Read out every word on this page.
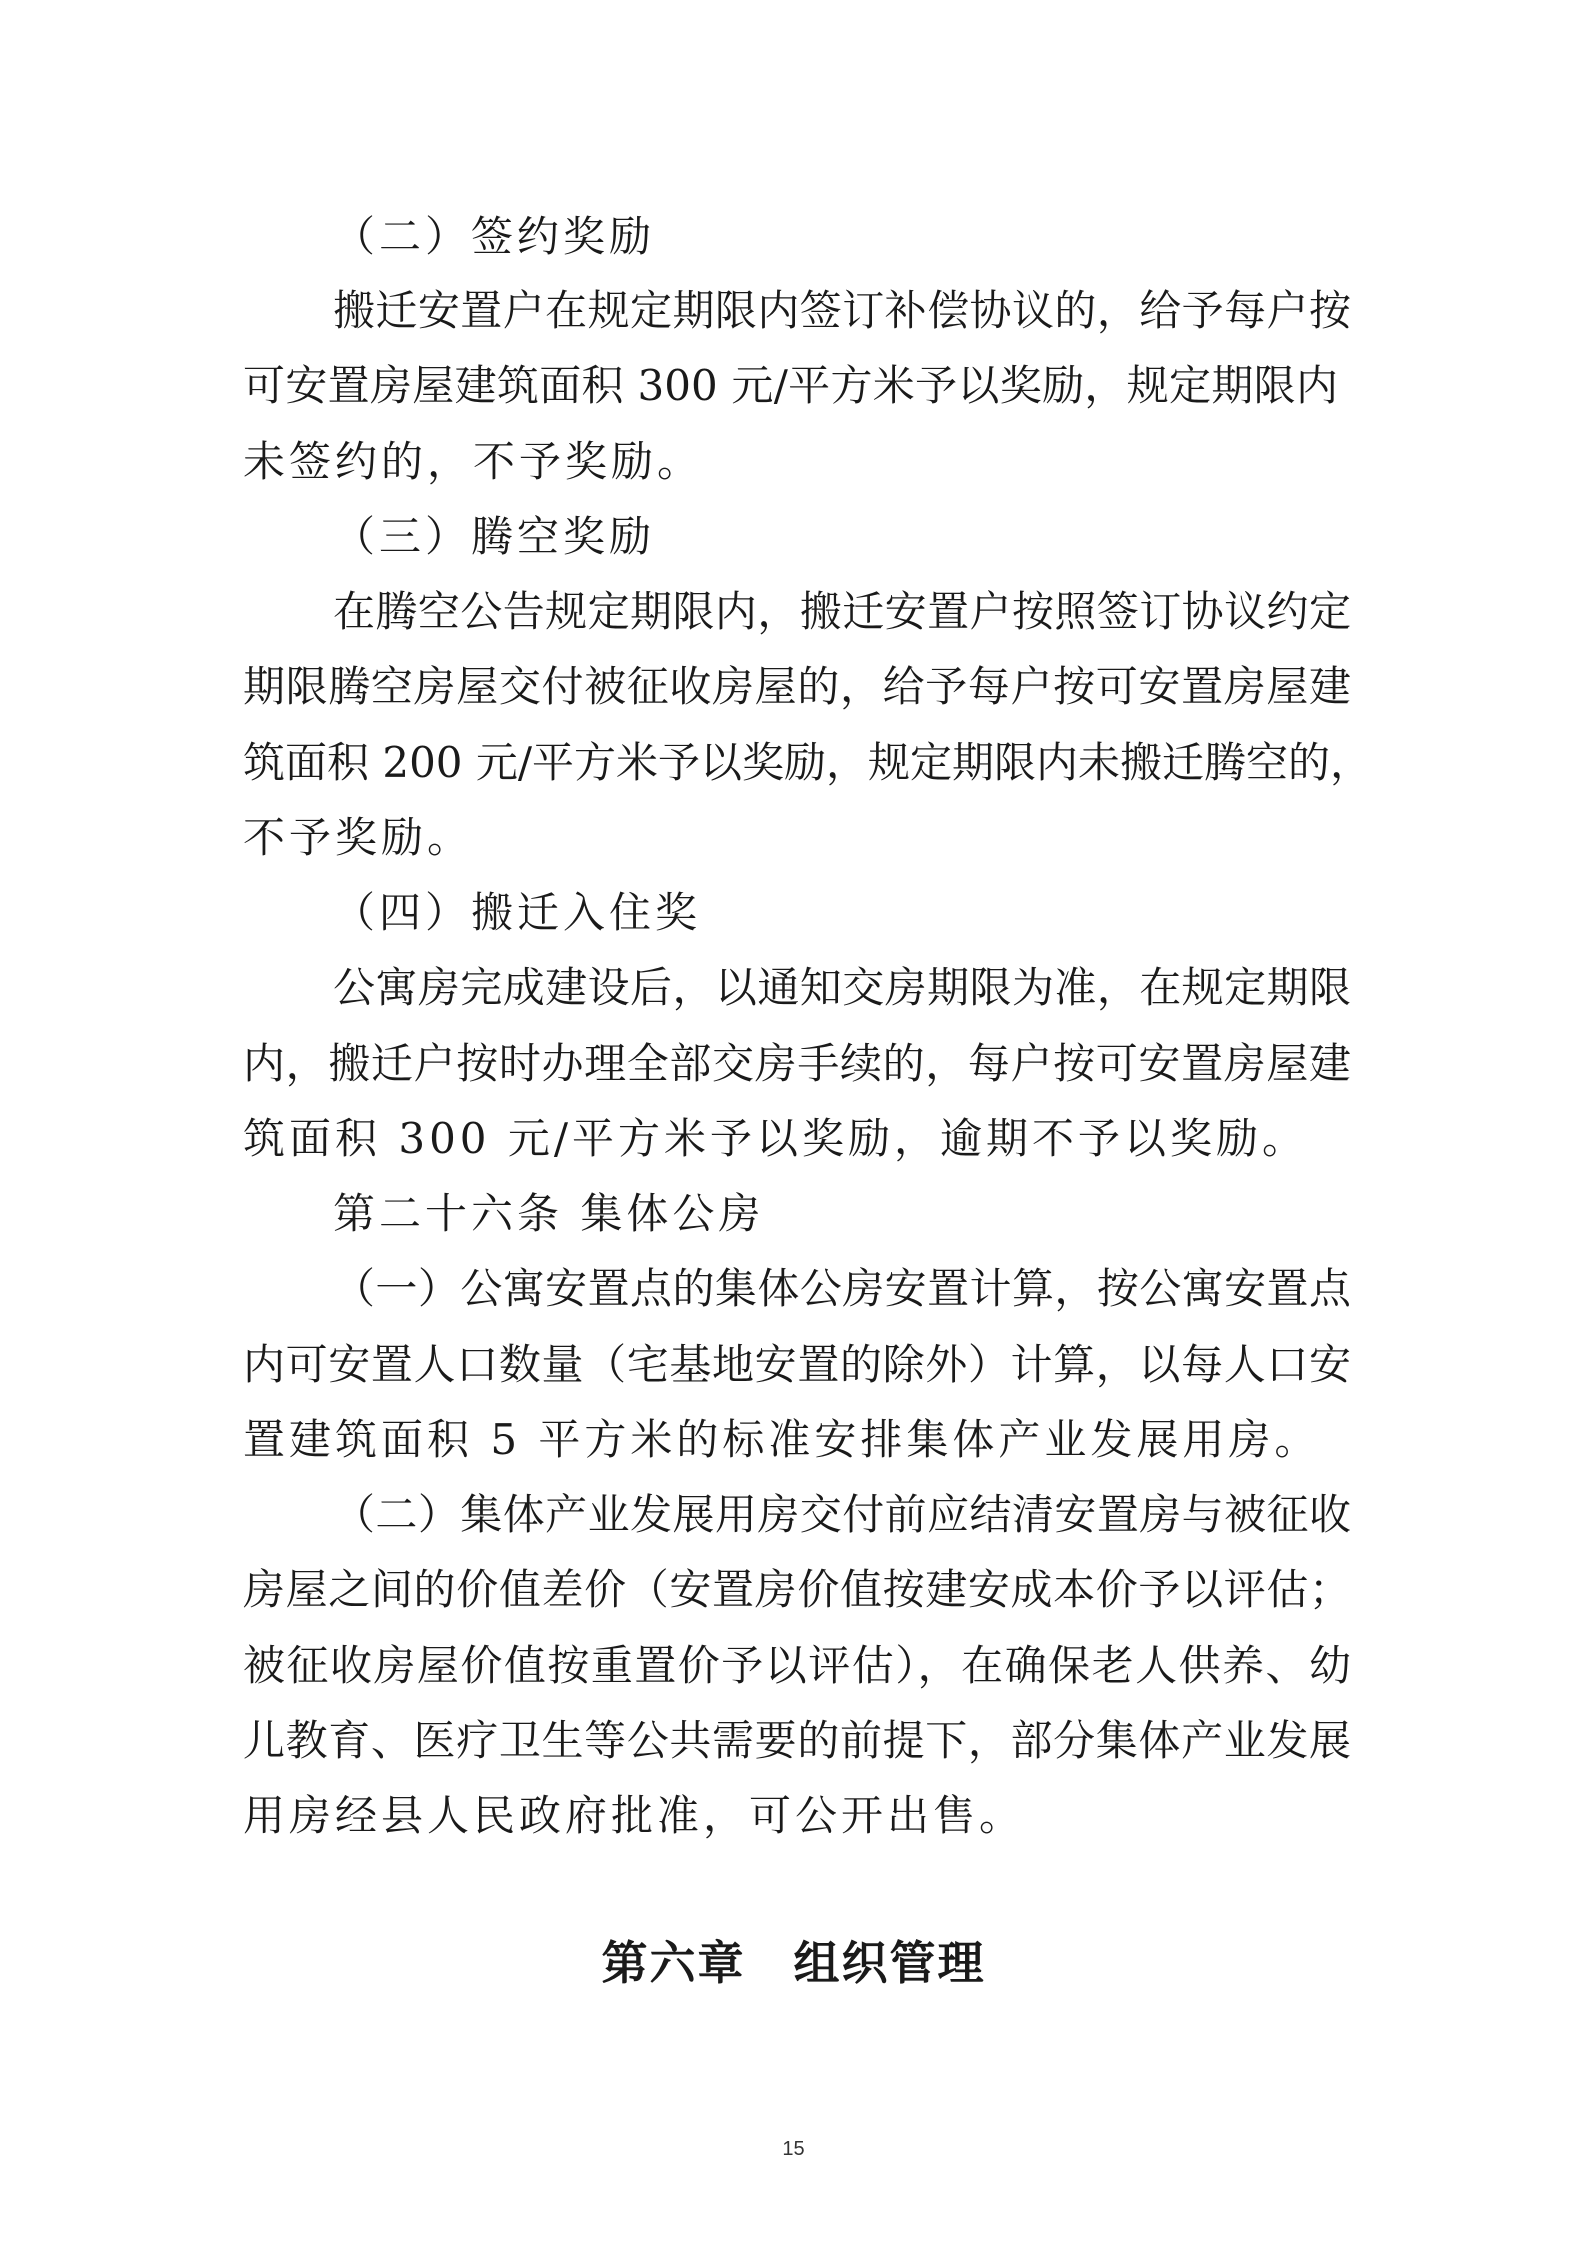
（二）签约奖励
搬迁安置户在规定期限内签订补偿协议的，给予每户按
可安置房屋建筑面积 300 元/平方米予以奖励，规定期限内
未签约的，不予奖励。
（三）腾空奖励
在腾空公告规定期限内，搬迁安置户按照签订协议约定
期限腾空房屋交付被征收房屋的，给予每户按可安置房屋建
筑面积 200 元/平方米予以奖励，规定期限内未搬迁腾空的，
不予奖励。
（四）搬迁入住奖
公寓房完成建设后，以通知交房期限为准，在规定期限
内，搬迁户按时办理全部交房手续的，每户按可安置房屋建
筑面积 300 元/平方米予以奖励，逾期不予以奖励。
第二十六条 集体公房
（一）公寓安置点的集体公房安置计算，按公寓安置点
内可安置人口数量（宅基地安置的除外）计算，以每人口安
置建筑面积 5 平方米的标准安排集体产业发展用房。
（二）集体产业发展用房交付前应结清安置房与被征收
房屋之间的价值差价（安置房价值按建安成本价予以评估；
被征收房屋价值按重置价予以评估），在确保老人供养、幼
儿教育、医疗卫生等公共需要的前提下，部分集体产业发展
用房经县人民政府批准，可公开出售。
第六章　组织管理
15
